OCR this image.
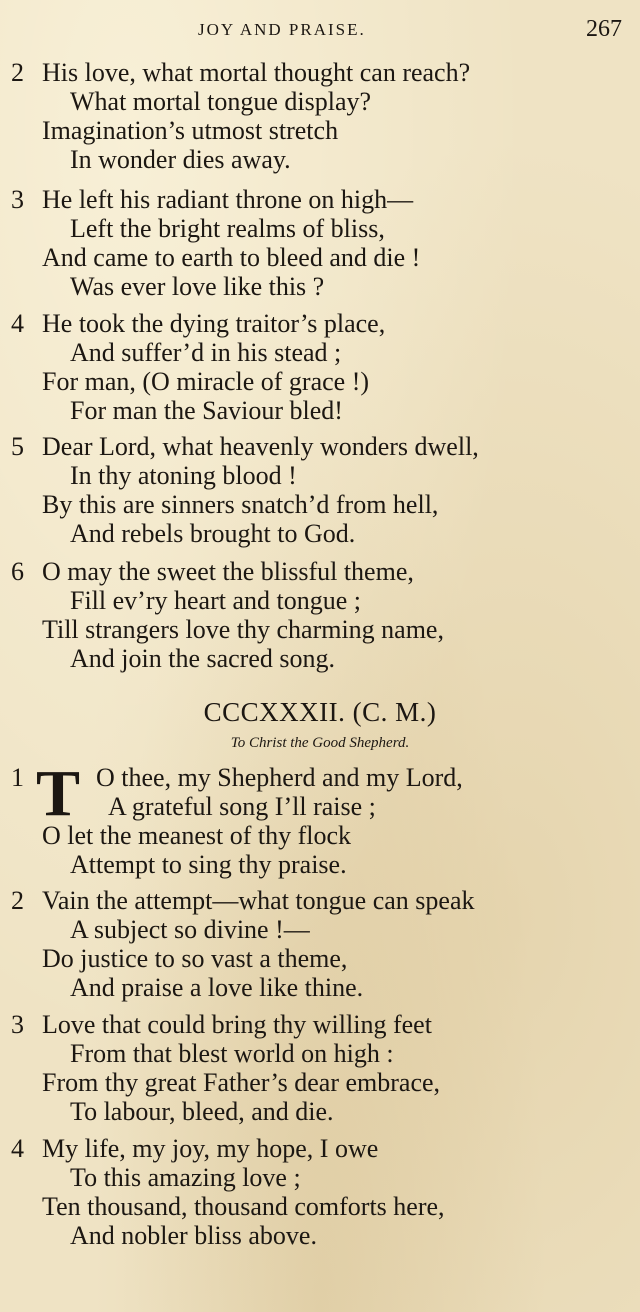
JOY AND PRAISE.	267
2 His love, what mortal thought can reach?
What mortal tongue display?
Imagination’s utmost stretch
In wonder dies away.
3 He left his radiant throne on high—
Left the bright realms of bliss,
And came to earth to bleed and die !
Was ever love like this ?
4 He took the dying traitor’s place,
And suffer’d in his stead ;
For man, (O miracle of grace !)
For man the Saviour bled!
5 Dear Lord, what heavenly wonders dwell,
In thy atoning blood !
By this are sinners snatch’d from hell,
And rebels brought to God.
6 O may the sweet the blissful theme,
Fill ev’ry heart and tongue ;
Till strangers love thy charming name,
And join the sacred song.
CCCXXXII. (C. M.)
To Christ the Good Shepherd.
1	O thee, my Shepherd and my Lord,
A grateful song I’ll raise ;
O let the meanest of thy flock
Attempt to sing thy praise.
T
2 Vain the attempt—what tongue can speak
A subject so divine !—
Do justice to so vast a theme,
And praise a love like thine.
3 Love that could bring thy willing feet
From that blest world on high :
From thy great Father’s dear embrace,
To labour, bleed, and die.
4 My life, my joy, my hope, I owe
To this amazing love ;
Ten thousand, thousand comforts here,
And nobler bliss above.
